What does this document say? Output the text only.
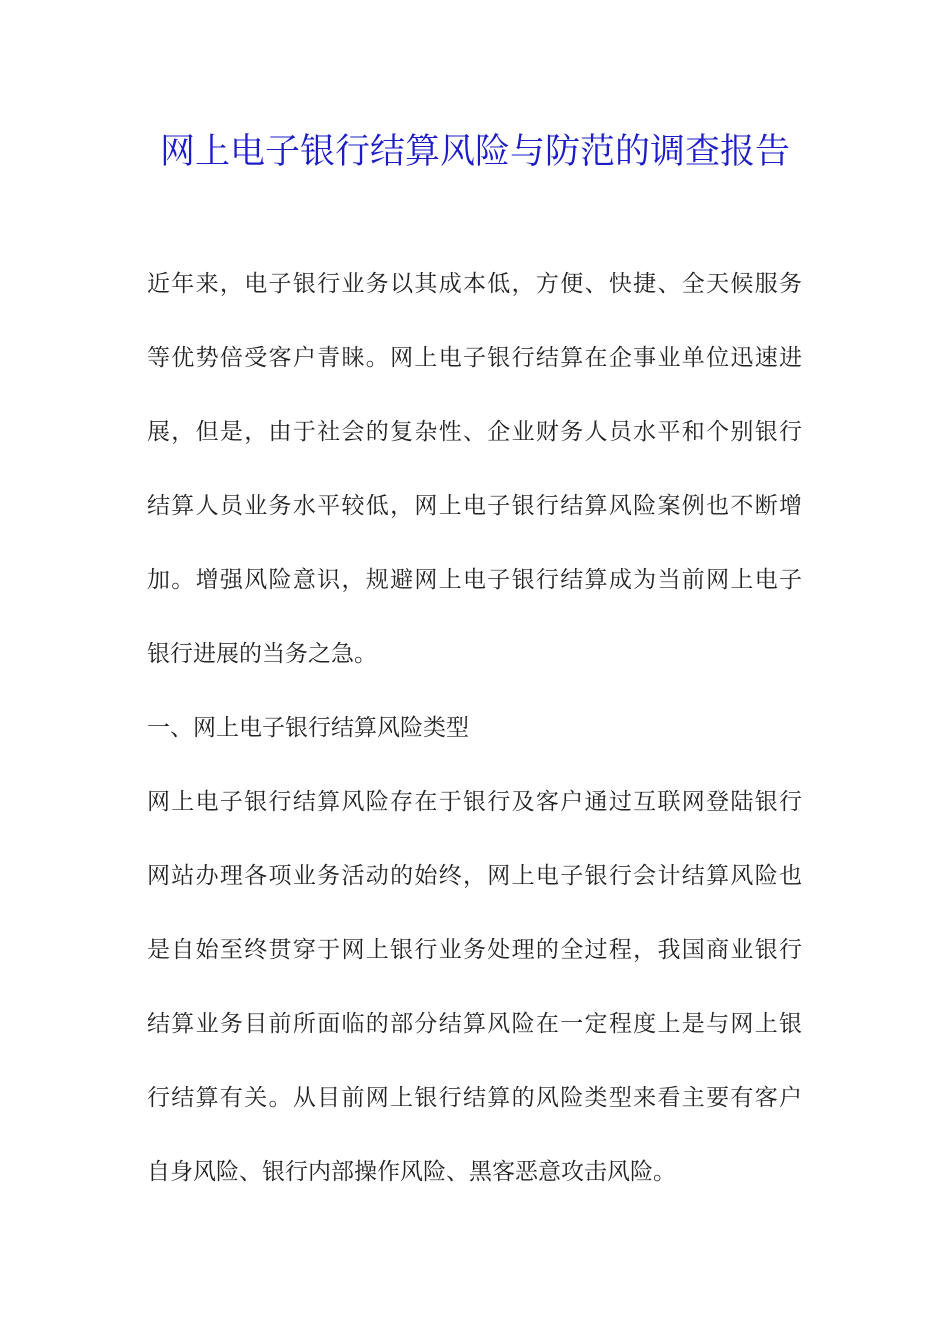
网上电子银行结算风险与防范的调查报告

近年来，电子银行业务以其成本低，方便、快捷、全天候服务

等优势倍受客户青睐。网上电子银行结算在企事业单位迅速进

展，但是，由于社会的复杂性、企业财务人员水平和个别银行

结算人员业务水平较低，网上电子银行结算风险案例也不断增

加。增强风险意识，规避网上电子银行结算成为当前网上电子

银行进展的当务之急。

一、网上电子银行结算风险类型

网上电子银行结算风险存在于银行及客户通过互联网登陆银行

网站办理各项业务活动的始终，网上电子银行会计结算风险也

是自始至终贯穿于网上银行业务处理的全过程，我国商业银行

结算业务目前所面临的部分结算风险在一定程度上是与网上银

行结算有关。从目前网上银行结算的风险类型来看主要有客户

自身风险、银行内部操作风险、黑客恶意攻击风险。
